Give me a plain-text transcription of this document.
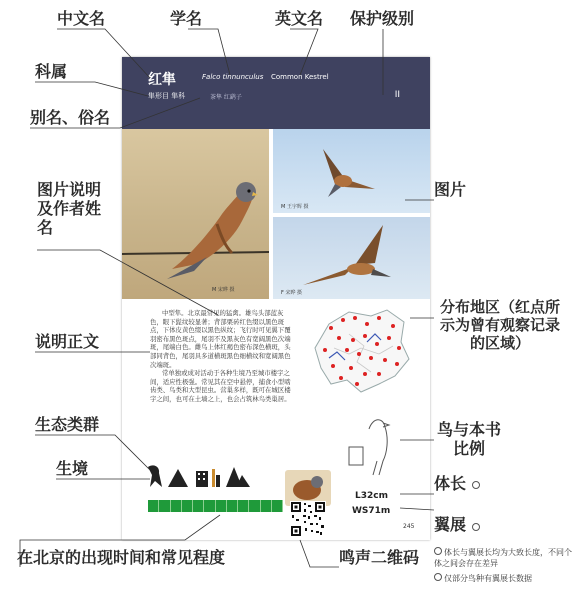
红隼	Falco tinnunculus Common Kestrel
隼形目 隼科	茶隼 红鹞子	II
M 宋晔 摄
M 王宇辉 摄
F 宋晔 摄

中型隼。北京最常见的猛禽。雄鸟头部蓝灰色，眼下髭纹较显著；背部栗砖红色缀以黑色斑点，下体皮黄色缀以黑色纵纹；飞行时可见翼下覆羽密布黑色斑点，尾羽不及黑灰色有宽阔黑色次端斑，尾端白色。雌鸟上体红褐色密布深色横斑，头部同背色，尾羽具多道横斑黑色细横纹和宽阔黑色次端斑。

常单独或成对活动于各种生境乃至城市楼宇之间，适应性极强。常见其在空中悬停，捕食小型啮齿类、鸟类和大型昆虫。营巢多样，既可在城区楼宇之间，也可在土墙之上，也会占筑林鸟类巢居。

L32cm
WS71m
245
中文名	学名	英文名 保护级别
科属
别名、俗名
图片说明及作者姓名
图片
分布地区（红点所示为曾有观察记录的区域）
说明正文
生态类群	鸟与本书比例
生境
体长
翼展
在北京的出现时间和常见程度	鸣声二维码	体长与翼展长均为大致长度，不同个体之间会存在差异
仅部分鸟种有翼展长数据
